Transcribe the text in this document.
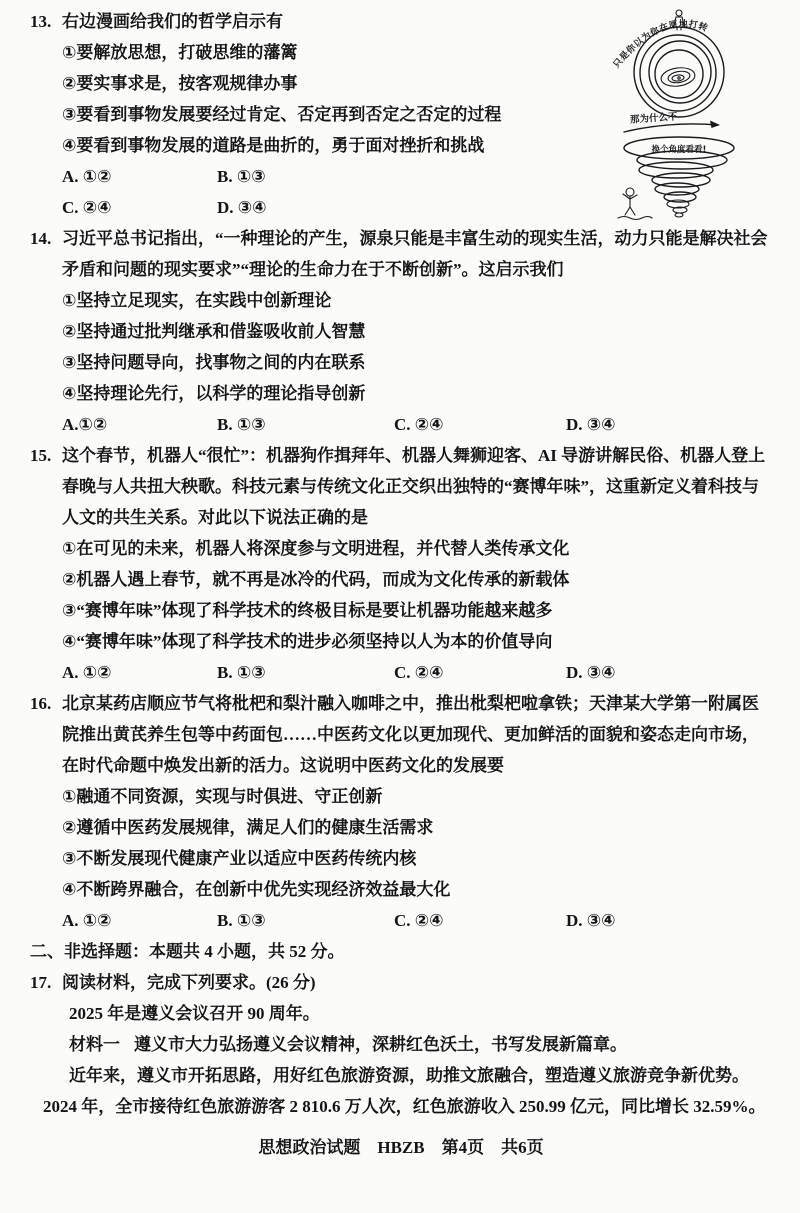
13. 右边漫画给我们的哲学启示有
①要解放思想，打破思维的藩篱
②要实事求是，按客观规律办事
③要看到事物发展要经过肯定、否定再到否定之否定的过程
④要看到事物发展的道路是曲折的，勇于面对挫折和挑战
A. ①②	B. ①③
C. ②④	D. ③④
只是你以为你在原地打转
那为什么不
换个角度看看!
14. 习近平总书记指出，“一种理论的产生，源泉只能是丰富生动的现实生活，动力只能是解决社会矛盾和问题的现实要求”“理论的生命力在于不断创新”。这启示我们
①坚持立足现实，在实践中创新理论
②坚持通过批判继承和借鉴吸收前人智慧
③坚持问题导向，找事物之间的内在联系
④坚持理论先行，以科学的理论指导创新
A.①②	B. ①③	C. ②④	D. ③④
15. 这个春节，机器人“很忙”：机器狗作揖拜年、机器人舞狮迎客、AI 导游讲解民俗、机器人登上春晚与人共扭大秧歌。科技元素与传统文化正交织出独特的“赛博年味”，这重新定义着科技与人文的共生关系。对此以下说法正确的是
①在可见的未来，机器人将深度参与文明进程，并代替人类传承文化
②机器人遇上春节，就不再是冰冷的代码，而成为文化传承的新载体
③“赛博年味”体现了科学技术的终极目标是要让机器功能越来越多
④“赛博年味”体现了科学技术的进步必须坚持以人为本的价值导向
A. ①②	B. ①③	C. ②④	D. ③④
16. 北京某药店顺应节气将枇杷和梨汁融入咖啡之中，推出枇梨杷啦拿铁；天津某大学第一附属医院推出黄芪养生包等中药面包……中医药文化以更加现代、更加鲜活的面貌和姿态走向市场，在时代命题中焕发出新的活力。这说明中医药文化的发展要
①融通不同资源，实现与时俱进、守正创新
②遵循中医药发展规律，满足人们的健康生活需求
③不断发展现代健康产业以适应中医药传统内核
④不断跨界融合，在创新中优先实现经济效益最大化
A. ①②	B. ①③	C. ②④	D. ③④
二、非选择题：本题共 4 小题，共 52 分。
17. 阅读材料，完成下列要求。(26 分)
2025 年是遵义会议召开 90 周年。
材料一 遵义市大力弘扬遵义会议精神，深耕红色沃土，书写发展新篇章。
近年来，遵义市开拓思路，用好红色旅游资源，助推文旅融合，塑造遵义旅游竞争新优势。2024 年，全市接待红色旅游游客 2 810.6 万人次，红色旅游收入 250.99 亿元，同比增长 32.59%。
思想政治试题　HBZB　第4页　共6页
